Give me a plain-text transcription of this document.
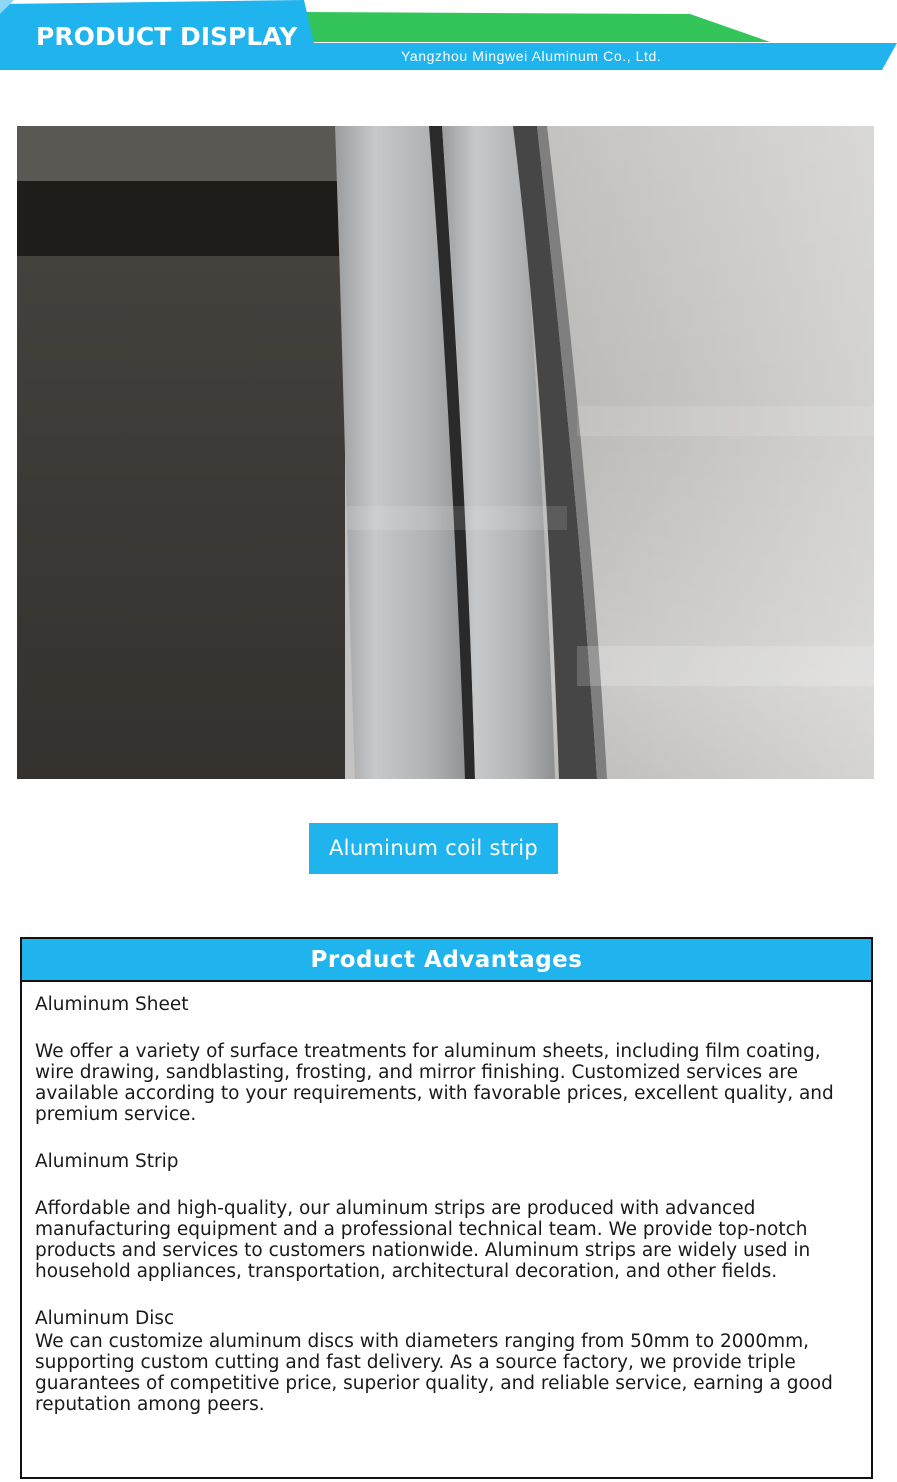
PRODUCT DISPLAY
Yangzhou Mingwei Aluminum Co., Ltd.
Aluminum coil strip
Product Advantages

Aluminum Sheet

We offer a variety of surface treatments for aluminum sheets, including film coating, wire drawing, sandblasting, frosting, and mirror finishing. Customized services are available according to your requirements, with favorable prices, excellent quality, and premium service.

Aluminum Strip

Affordable and high-quality, our aluminum strips are produced with advanced manufacturing equipment and a professional technical team. We provide top-notch products and services to customers nationwide. Aluminum strips are widely used in household appliances, transportation, architectural decoration, and other fields.

Aluminum Disc

We can customize aluminum discs with diameters ranging from 50mm to 2000mm, supporting custom cutting and fast delivery. As a source factory, we provide triple guarantees of competitive price, superior quality, and reliable service, earning a good reputation among peers.
